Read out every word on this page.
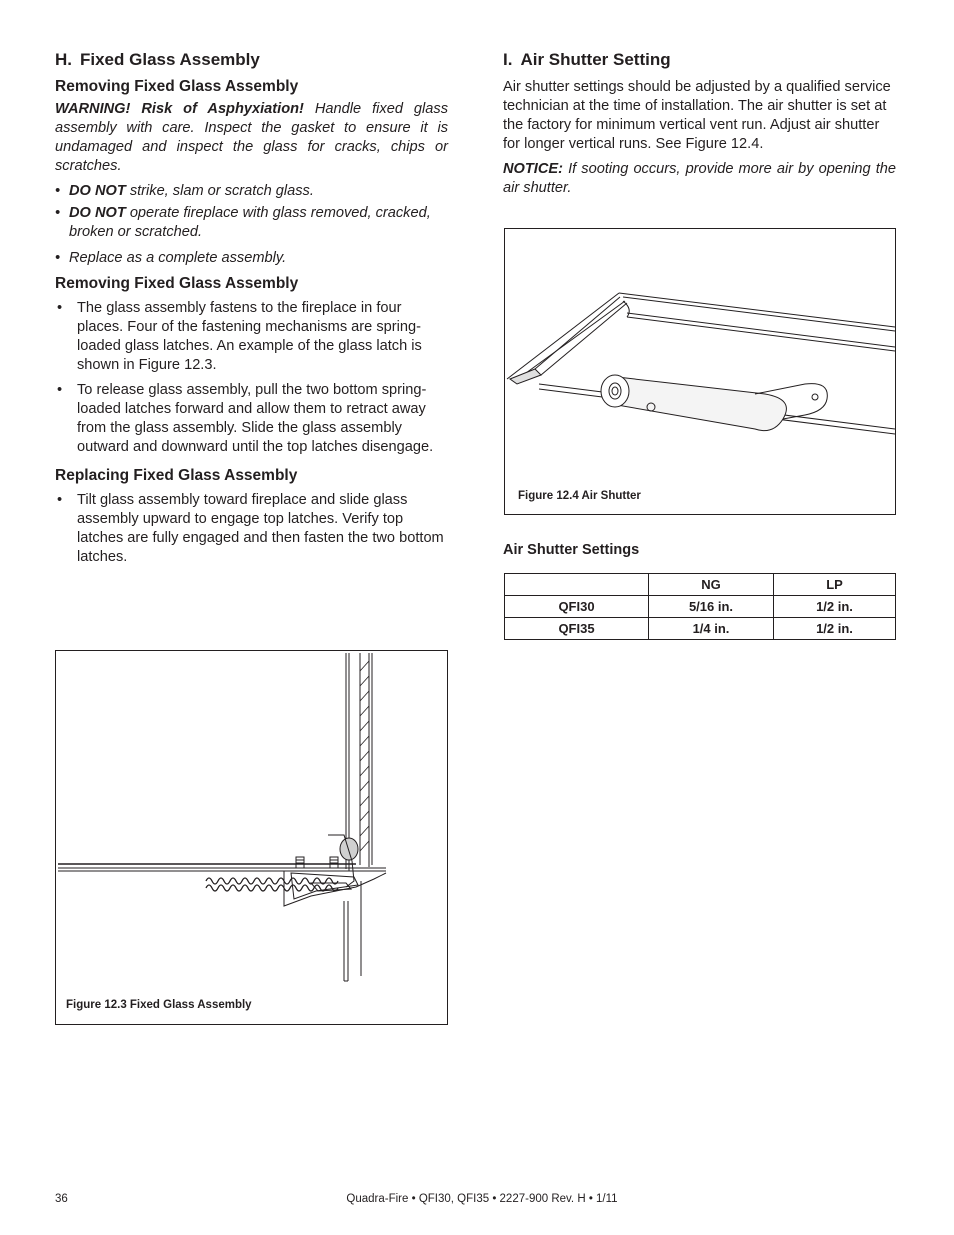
H. Fixed Glass Assembly
Removing Fixed Glass Assembly

WARNING! Risk of Asphyxiation! Handle fixed glass assembly with care. Inspect the gasket to ensure it is undamaged and inspect the glass for cracks, chips or scratches.

• DO NOT strike, slam or scratch glass.
• DO NOT operate fireplace with glass removed, cracked, broken or scratched.
• Replace as a complete assembly.
Removing Fixed Glass Assembly
• The glass assembly fastens to the fireplace in four places. Four of the fastening mechanisms are spring-loaded glass latches. An example of the glass latch is shown in Figure 12.3.
• To release glass assembly, pull the two bottom spring-loaded latches forward and allow them to retract away from the glass assembly. Slide the glass assembly outward and downward until the top latches disengage.
Replacing Fixed Glass Assembly
• Tilt glass assembly toward fireplace and slide glass assembly upward to engage top latches. Verify top latches are fully engaged and then fasten the two bottom latches.
Figure 12.3 Fixed Glass Assembly
I. Air Shutter Setting

Air shutter settings should be adjusted by a qualified service technician at the time of installation. The air shutter is set at the factory for minimum vertical vent run. Adjust air shutter for longer vertical runs. See Figure 12.4.

NOTICE: If sooting occurs, provide more air by opening the air shutter.

Figure 12.4 Air Shutter
Air Shutter Settings
	NG	LP
QFI30	5/16 in.	1/2 in.
QFI35	1/4 in.	1/2 in.
36	Quadra-Fire • QFI30, QFI35 • 2227-900 Rev. H • 1/11
